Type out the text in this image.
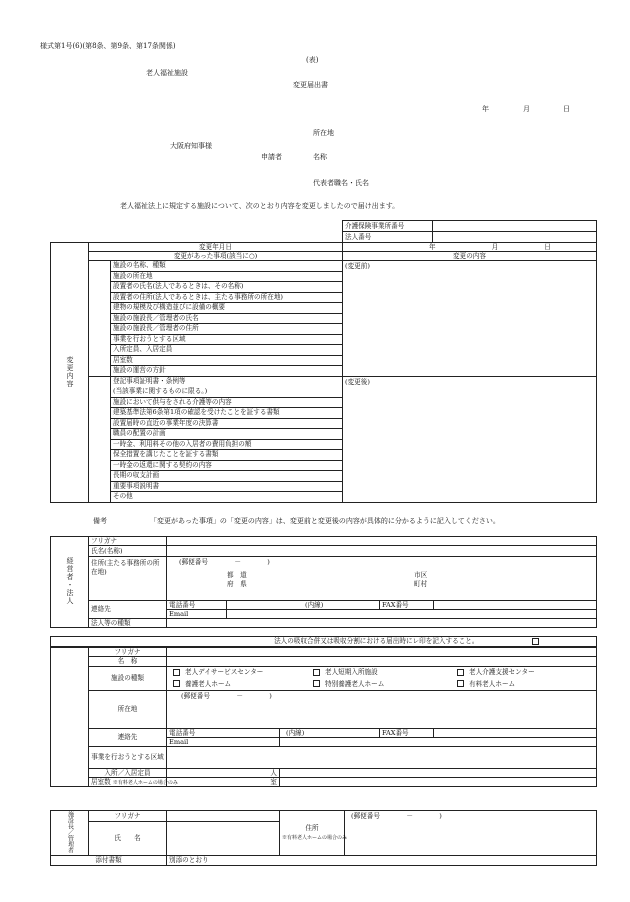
様式第1号(6)(第8条、第9条、第17条関係)
(表)
老人福祉施設
変更届出書
年	月	日
所在地
大阪府知事様
申請者	名称
代表者職名・氏名
老人福祉法上に規定する施設について、次のとおり内容を変更しましたので届け出ます。
介護保険事業所番号	
法人番号	
変更内容	変更年月日		年 月 日
	変更があった事項(該当に○)		変更の内容
		施設の名称、種類	(変更前)
		施設の所在地	
		設置者の氏名(法人であるときは、その名称)	
		設置者の住所(法人であるときは、主たる事務所の所在地)	
		建物の規模及び構造並びに設備の概要	
		施設の施設長／管理者の氏名	
		施設の施設長／管理者の住所	
		事業を行おうとする区域	
		入所定員、入居定員	
		居室数	
		施設の運営の方針	
		登記事項証明書・条例等
(当該事業に関するものに限る。)	(変更後)
		施設において供与をされる介護等の内容	
		建築基準法第6条第1項の確認を受けたことを証する書類	
		設置届時の直近の事業年度の決算書	
		職員の配置の計画	
		一時金、利用料その他の入居者の費用負担の額	
		保全措置を講じたことを証する書類	
		一時金の返還に関する契約の内容	
		長期の収支計画	
		重要事項説明書	
		その他	

備考	「変更があった事項」の「変更の内容」は、変更前と変更後の内容が具体的に分かるように記入してください。
経営者・法人	フリガナ				
	氏名(名称)				
	住所(主たる事務所の所在地)	(郵便番号　　　　－　　　　)
都　道
府　県
市区
町村			

	連絡先	電話番号	(内線)	FAX番号	
		Email			
	法人等の種類				
法人の吸収合併又は吸収分割における届出時にレ印を記入すること。	
	フリガナ				
	名　称				
	施設の種類	老人デイサービスセンター 老人短期入所施設 老人介護支援センター
養護老人ホーム 特別養護老人ホーム 有料老人ホーム			
	所在地	(郵便番号　　　　－　　　　)			
	連絡先	電話番号	(内線)	FAX番号	
		Email			
	事業を行おうとする区域				
	入所／入居定員	人			
	居室数 ※有料老人ホームの場合のみ	室			
施設長／管理者	フリガナ		住所
※有料老人ホームの場合のみ	(郵便番号　　　　－　　　　)
	氏　　名			
添付書類		別添のとおり		
